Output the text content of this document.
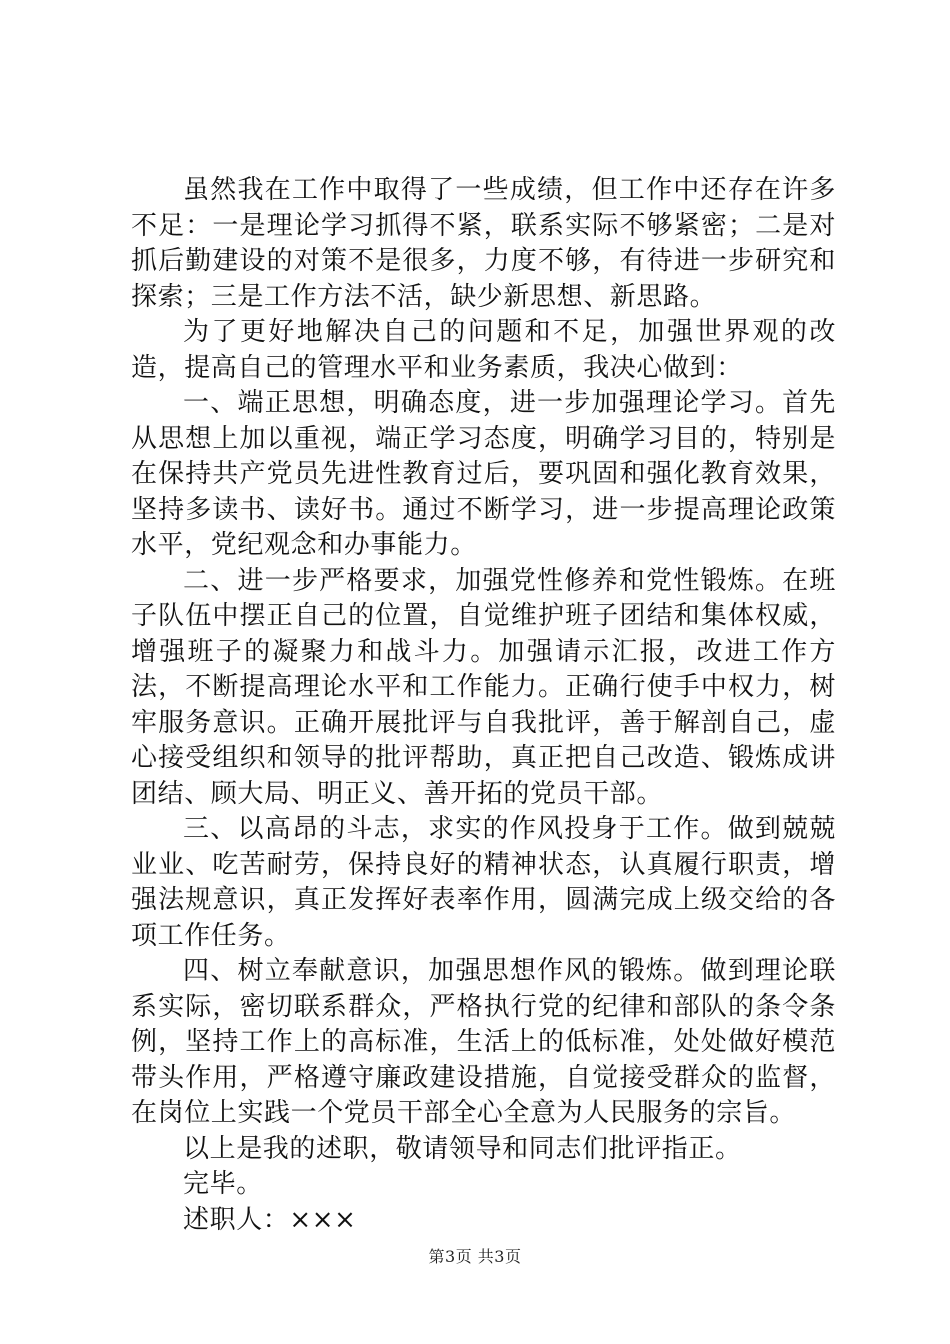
虽然我在工作中取得了一些成绩，但工作中还存在许多不足：一是理论学习抓得不紧，联系实际不够紧密；二是对抓后勤建设的对策不是很多，力度不够，有待进一步研究和探索；三是工作方法不活，缺少新思想、新思路。

为了更好地解决自己的问题和不足，加强世界观的改造，提高自己的管理水平和业务素质，我决心做到：

一、端正思想，明确态度，进一步加强理论学习。首先从思想上加以重视，端正学习态度，明确学习目的，特别是在保持共产党员先进性教育过后，要巩固和强化教育效果，坚持多读书、读好书。通过不断学习，进一步提高理论政策水平，党纪观念和办事能力。

二、进一步严格要求，加强党性修养和党性锻炼。在班子队伍中摆正自己的位置，自觉维护班子团结和集体权威，增强班子的凝聚力和战斗力。加强请示汇报，改进工作方法，不断提高理论水平和工作能力。正确行使手中权力，树牢服务意识。正确开展批评与自我批评，善于解剖自己，虚心接受组织和领导的批评帮助，真正把自己改造、锻炼成讲团结、顾大局、明正义、善开拓的党员干部。

三、以高昂的斗志，求实的作风投身于工作。做到兢兢业业、吃苦耐劳，保持良好的精神状态，认真履行职责，增强法规意识，真正发挥好表率作用，圆满完成上级交给的各项工作任务。

四、树立奉献意识，加强思想作风的锻炼。做到理论联系实际，密切联系群众，严格执行党的纪律和部队的条令条例，坚持工作上的高标准，生活上的低标准，处处做好模范带头作用，严格遵守廉政建设措施，自觉接受群众的监督，在岗位上实践一个党员干部全心全意为人民服务的宗旨。

以上是我的述职，敬请领导和同志们批评指正。

完毕。

述职人：×××

第3页 共3页
